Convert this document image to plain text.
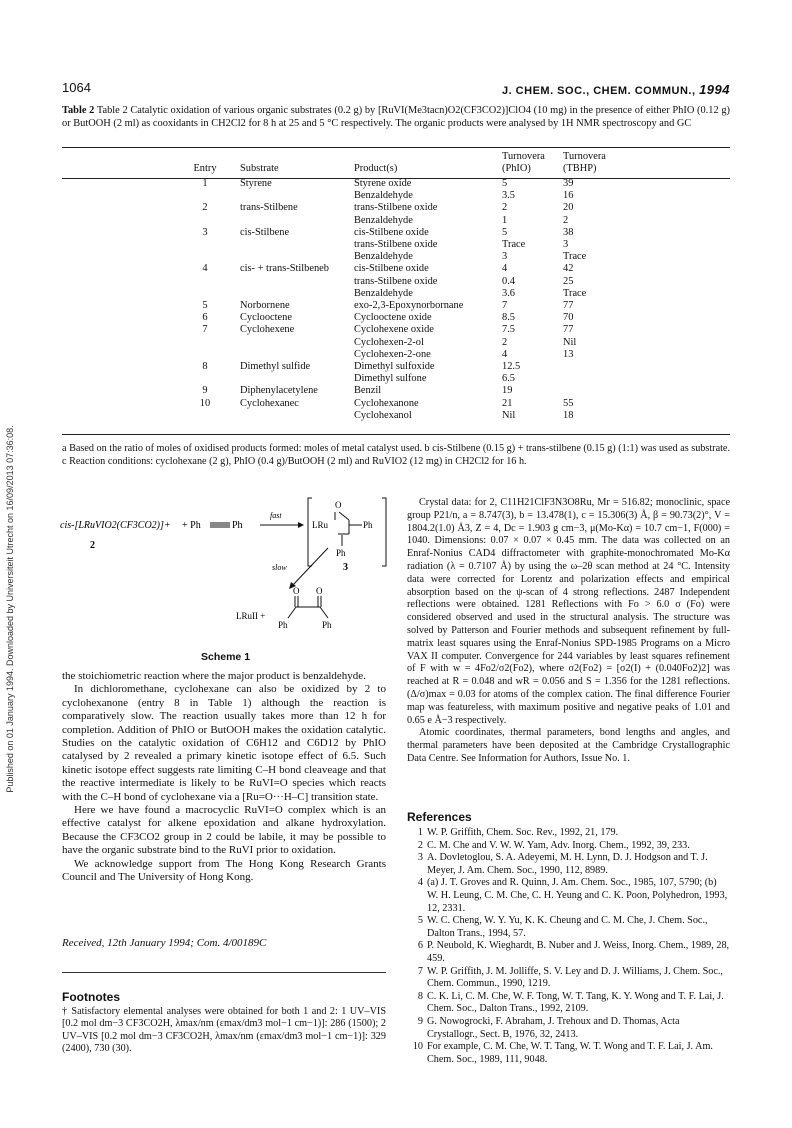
Published on 01 January 1994. Downloaded by Universiteit Utrecht on 16/09/2013 07:36:08.
1064	J. CHEM. SOC., CHEM. COMMUN., 1994
Table 2 Table 2 Catalytic oxidation of various organic substrates (0.2 g) by [RuVI(Me3tacn)O2(CF3CO2)]ClO4 (10 mg) in the presence of either PhIO (0.12 g) or ButOOH (2 ml) as cooxidants in CH2Cl2 for 8 h at 25 and 5 °C respectively. The organic products were analysed by 1H NMR spectroscopy and GC
Entry	Substrate	Product(s)	Turnovera (PhIO)	Turnovera (TBHP)
1	Styrene	Styrene oxide	5	39
		Benzaldehyde	3.5	16
2	trans-Stilbene	trans-Stilbene oxide	2	20
		Benzaldehyde	1	2
3	cis-Stilbene	cis-Stilbene oxide	5	38
		trans-Stilbene oxide	Trace	3
		Benzaldehyde	3	Trace
4	cis- + trans-Stilbeneb	cis-Stilbene oxide	4	42
		trans-Stilbene oxide	0.4	25
		Benzaldehyde	3.6	Trace
5	Norbornene	exo-2,3-Epoxynorbornane	7	77
6	Cyclooctene	Cyclooctene oxide	8.5	70
7	Cyclohexene	Cyclohexene oxide	7.5	77
		Cyclohexen-2-ol	2	Nil
		Cyclohexen-2-one	4	13
8	Dimethyl sulfide	Dimethyl sulfoxide	12.5	
		Dimethyl sulfone	6.5	
9	Diphenylacetylene	Benzil	19	
10	Cyclohexanec	Cyclohexanone	21	55
		Cyclohexanol	Nil	18
a Based on the ratio of moles of oxidised products formed: moles of metal catalyst used. b cis-Stilbene (0.15 g) + trans-stilbene (0.15 g) (1:1) was used as substrate. c Reaction conditions: cyclohexane (2 g), PhIO (0.4 g)/ButOOH (2 ml) and RuVIO2 (12 mg) in CH2Cl2 for 16 h.
cis-[LRuVIO2(CF3CO2)]+ + Ph	Ph
2
fast
LRu
O
Ph
Ph
3
slow
LRuII +
O O
Ph	Ph
Scheme 1

the stoichiometric reaction where the major product is benzaldehyde.

In dichloromethane, cyclohexane can also be oxidized by 2 to cyclohexanone (entry 8 in Table 1) although the reaction is comparatively slow. The reaction usually takes more than 12 h for completion. Addition of PhIO or ButOOH makes the oxidation catalytic. Studies on the catalytic oxidation of C6H12 and C6D12 by PhIO catalysed by 2 revealed a primary kinetic isotope effect of 6.5. Such kinetic isotope effect suggests rate limiting C–H bond cleaveage and that the reactive intermediate is likely to be RuVI=O species which reacts with the C–H bond of cyclohexane via a [Ru=O···H–C] transition state.

Here we have found a macrocyclic RuVI=O complex which is an effective catalyst for alkene epoxidation and alkane hydroxylation. Because the CF3CO2 group in 2 could be labile, it may be possible to have the organic substrate bind to the RuVI prior to oxidation.

We acknowledge support from The Hong Kong Research Grants Council and The University of Hong Kong.

Received, 12th January 1994; Com. 4/00189C
Footnotes
† Satisfactory elemental analyses were obtained for both 1 and 2: 1 UV–VIS [0.2 mol dm−3 CF3CO2H, λmax/nm (εmax/dm3 mol−1 cm−1)]: 286 (1500); 2 UV–VIS [0.2 mol dm−3 CF3CO2H, λmax/nm (εmax/dm3 mol−1 cm−1)]: 329 (2400), 730 (30).

Crystal data: for 2, C11H21ClF3N3O8Ru, Mr = 516.82; monoclinic, space group P21/n, a = 8.747(3), b = 13.478(1), c = 15.306(3) Å, β = 90.73(2)°, V = 1804.2(1.0) Å3, Z = 4, Dc = 1.903 g cm−3, μ(Mo-Kα) = 10.7 cm−1, F(000) = 1040. Dimensions: 0.07 × 0.07 × 0.45 mm. The data was collected on an Enraf-Nonius CAD4 diffractometer with graphite-monochromated Mo-Kα radiation (λ = 0.7107 Å) by using the ω–2θ scan method at 24 °C. Intensity data were corrected for Lorentz and polarization effects and empirical absorption based on the ψ-scan of 4 strong reflections. 2487 Independent reflections were obtained. 1281 Reflections with Fo > 6.0 σ (Fo) were considered observed and used in the structural analysis. The structure was solved by Patterson and Fourier methods and subsequent refinement by full-matrix least squares using the Enraf-Nonius SPD-1985 Programs on a Micro VAX II computer. Convergence for 244 variables by least squares refinement of F with w = 4Fo2/σ2(Fo2), where σ2(Fo2) = [σ2(I) + (0.040Fo2)2] was reached at R = 0.048 and wR = 0.056 and S = 1.356 for the 1281 reflections. (Δ/σ)max = 0.03 for atoms of the complex cation. The final difference Fourier map was featureless, with maximum positive and negative peaks of 1.01 and 0.65 e Å−3 respectively.

Atomic coordinates, thermal parameters, bond lengths and angles, and thermal parameters have been deposited at the Cambridge Crystallographic Data Centre. See Information for Authors, Issue No. 1.

References
1 W. P. Griffith, Chem. Soc. Rev., 1992, 21, 179.
2 C. M. Che and V. W. W. Yam, Adv. Inorg. Chem., 1992, 39, 233.
3 A. Dovletoglou, S. A. Adeyemi, M. H. Lynn, D. J. Hodgson and T. J. Meyer, J. Am. Chem. Soc., 1990, 112, 8989.
4 (a) J. T. Groves and R. Quinn, J. Am. Chem. Soc., 1985, 107, 5790; (b) W. H. Leung, C. M. Che, C. H. Yeung and C. K. Poon, Polyhedron, 1993, 12, 2331.
5 W. C. Cheng, W. Y. Yu, K. K. Cheung and C. M. Che, J. Chem. Soc., Dalton Trans., 1994, 57.
6 P. Neubold, K. Wieghardt, B. Nuber and J. Weiss, Inorg. Chem., 1989, 28, 459.
7 W. P. Griffith, J. M. Jolliffe, S. V. Ley and D. J. Williams, J. Chem. Soc., Chem. Commun., 1990, 1219.
8 C. K. Li, C. M. Che, W. F. Tong, W. T. Tang, K. Y. Wong and T. F. Lai, J. Chem. Soc., Dalton Trans., 1992, 2109.
9 G. Nowogrocki, F. Abraham, J. Trehoux and D. Thomas, Acta Crystallogr., Sect. B, 1976, 32, 2413.
10 For example, C. M. Che, W. T. Tang, W. T. Wong and T. F. Lai, J. Am. Chem. Soc., 1989, 111, 9048.
